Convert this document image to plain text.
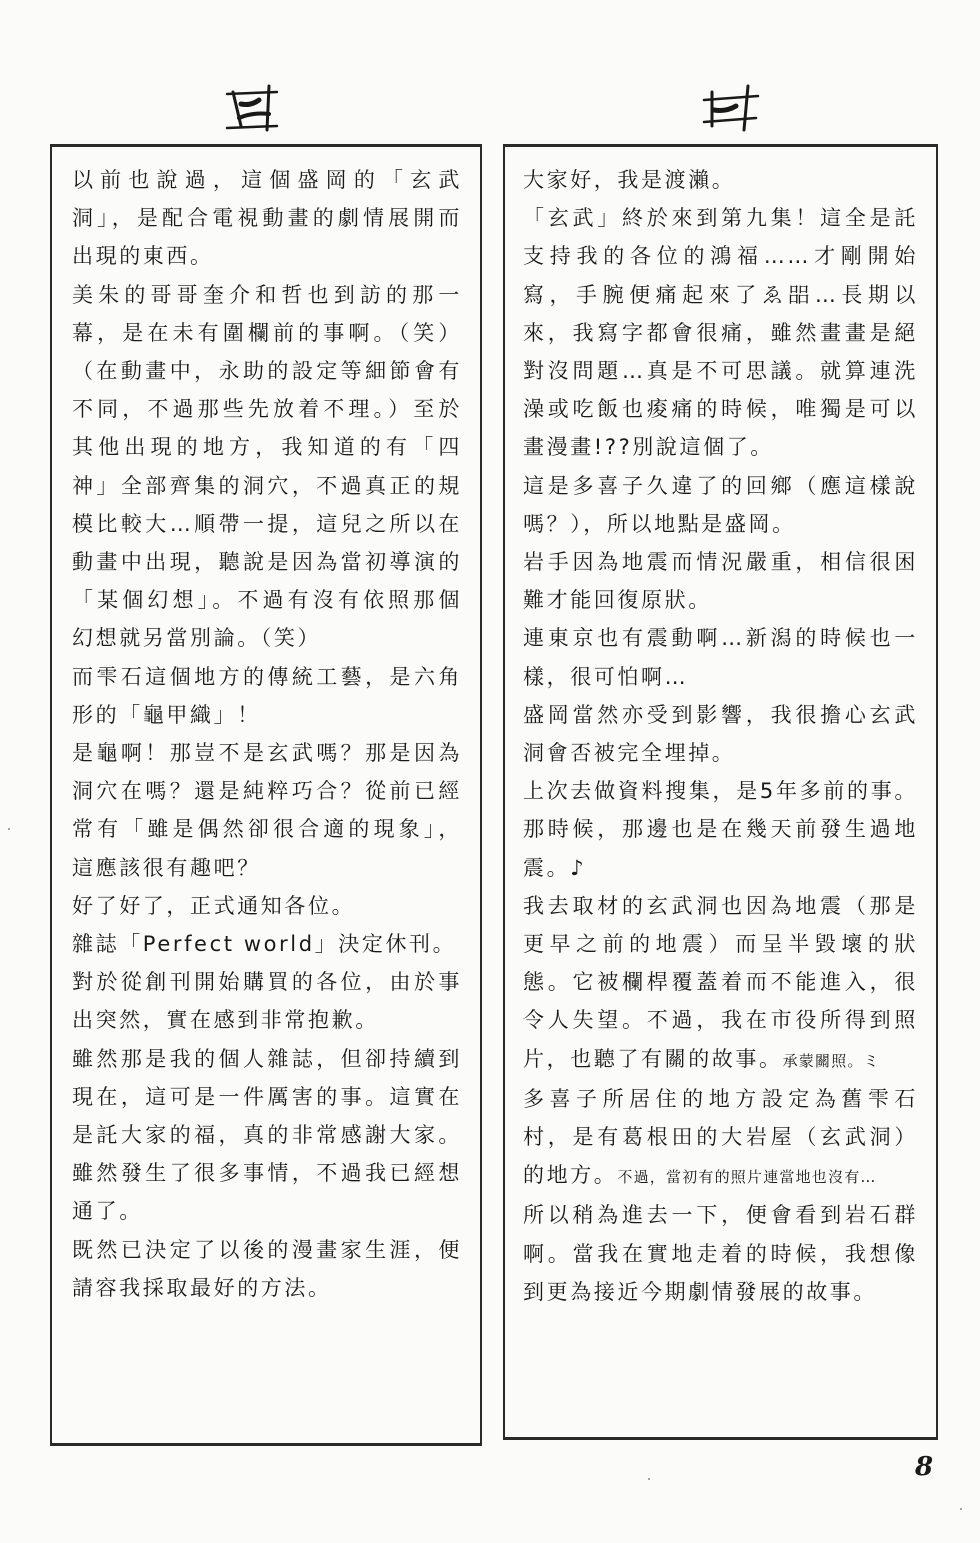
以前也說過，這個盛岡的「玄武洞」，是配合電視動畫的劇情展開而出現的東西。

美朱的哥哥奎介和哲也到訪的那一幕，是在未有圍欄前的事啊。（笑）（在動畫中，永助的設定等細節會有不同，不過那些先放着不理。）至於其他出現的地方，我知道的有「四神」全部齊集的洞穴，不過真正的規模比較大…順帶一提，這兒之所以在動畫中出現，聽說是因為當初導演的「某個幻想」。不過有沒有依照那個幻想就另當別論。（笑）

而雫石這個地方的傳統工藝，是六角形的「龜甲織」！

是龜啊！那豈不是玄武嗎？那是因為洞穴在嗎？還是純粹巧合？從前已經常有「雖是偶然卻很合適的現象」，這應該很有趣吧？

好了好了，正式通知各位。

雜誌「Perfect world」決定休刊。

對於從創刊開始購買的各位，由於事出突然，實在感到非常抱歉。

雖然那是我的個人雜誌，但卻持續到現在，這可是一件厲害的事。這實在是託大家的福，真的非常感謝大家。雖然發生了很多事情，不過我已經想通了。

既然已決定了以後的漫畫家生涯，便請容我採取最好的方法。

大家好，我是渡瀨。

「玄武」終於來到第九集！這全是託支持我的各位的鴻福……才剛開始寫，手腕便痛起來了ゑ㗊…長期以來，我寫字都會很痛，雖然畫畫是絕對沒問題…真是不可思議。就算連洗澡或吃飯也痠痛的時候，唯獨是可以畫漫畫!??別說這個了。

這是多喜子久違了的回鄉（應這樣說嗎？），所以地點是盛岡。

岩手因為地震而情況嚴重，相信很困難才能回復原狀。

連東京也有震動啊…新潟的時候也一樣，很可怕啊…

盛岡當然亦受到影響，我很擔心玄武洞會否被完全埋掉。

上次去做資料搜集，是5年多前的事。那時候，那邊也是在幾天前發生過地震。♪

我去取材的玄武洞也因為地震（那是更早之前的地震）而呈半毀壞的狀態。它被欄桿覆蓋着而不能進入，很令人失望。不過，我在市役所得到照片，也聽了有關的故事。承蒙關照。ミ

多喜子所居住的地方設定為舊雫石村，是有葛根田的大岩屋（玄武洞）的地方。不過，當初有的照片連當地也沒有…

所以稍為進去一下，便會看到岩石群啊。當我在實地走着的時候，我想像到更為接近今期劇情發展的故事。

8
